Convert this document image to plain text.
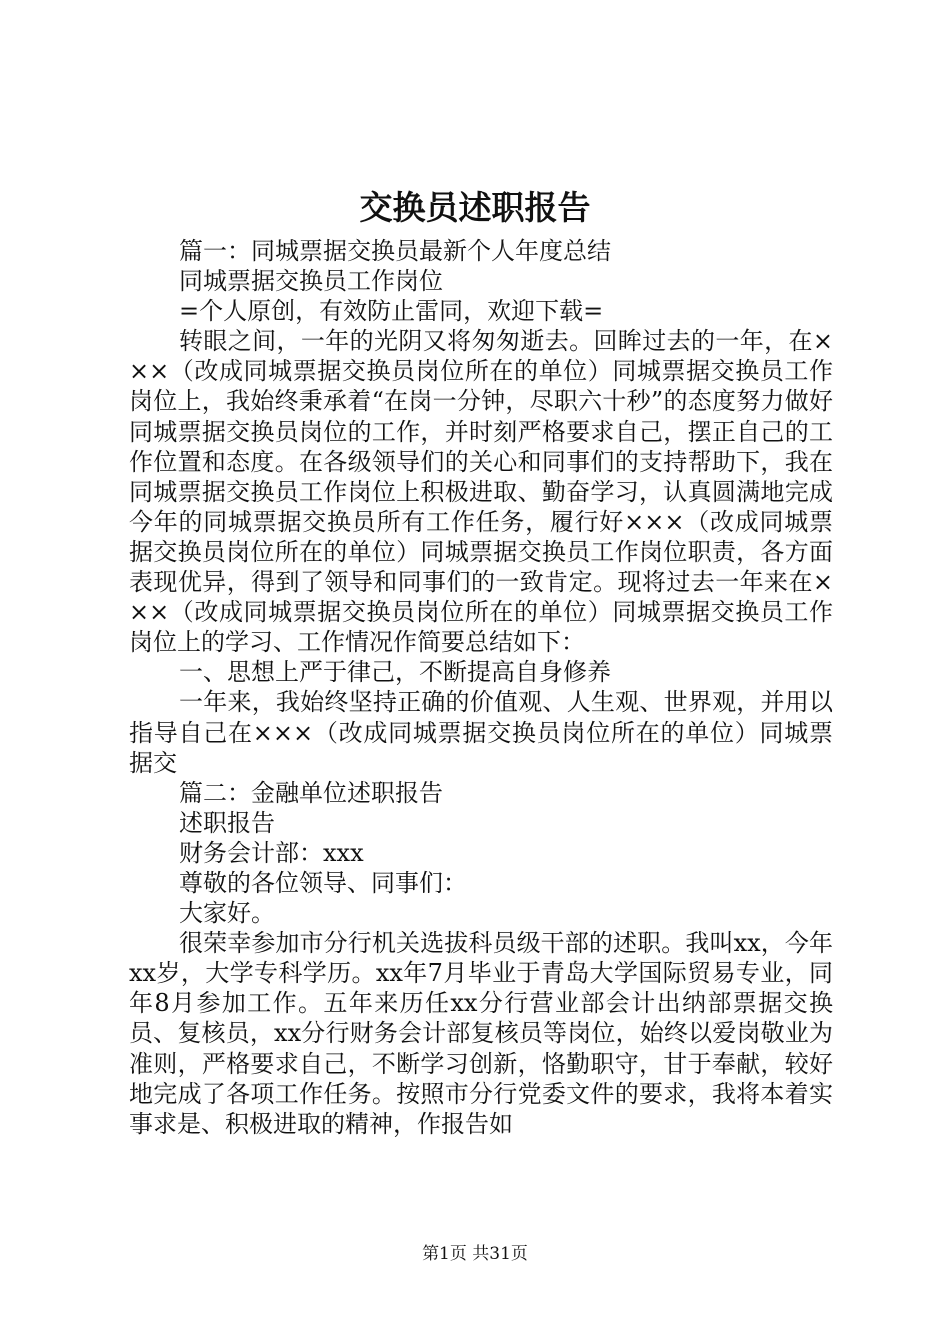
交换员述职报告

篇一：同城票据交换员最新个人年度总结

同城票据交换员工作岗位

=个人原创，有效防止雷同，欢迎下载=

转眼之间，一年的光阴又将匆匆逝去。回眸过去的一年，在×××（改成同城票据交换员岗位所在的单位）同城票据交换员工作岗位上，我始终秉承着“在岗一分钟，尽职六十秒”的态度努力做好同城票据交换员岗位的工作，并时刻严格要求自己，摆正自己的工作位置和态度。在各级领导们的关心和同事们的支持帮助下，我在同城票据交换员工作岗位上积极进取、勤奋学习，认真圆满地完成今年的同城票据交换员所有工作任务，履行好×××（改成同城票据交换员岗位所在的单位）同城票据交换员工作岗位职责，各方面表现优异，得到了领导和同事们的一致肯定。现将过去一年来在×××（改成同城票据交换员岗位所在的单位）同城票据交换员工作岗位上的学习、工作情况作简要总结如下：

一、思想上严于律己，不断提高自身修养

一年来，我始终坚持正确的价值观、人生观、世界观，并用以指导自己在×××（改成同城票据交换员岗位所在的单位）同城票据交

篇二：金融单位述职报告

述职报告

财务会计部：xxx

尊敬的各位领导、同事们：

大家好。

很荣幸参加市分行机关选拔科员级干部的述职。我叫xx，今年xx岁，大学专科学历。xx年7月毕业于青岛大学国际贸易专业，同年8月参加工作。五年来历任xx分行营业部会计出纳部票据交换员、复核员，xx分行财务会计部复核员等岗位，始终以爱岗敬业为准则，严格要求自己，不断学习创新，恪勤职守，甘于奉献，较好地完成了各项工作任务。按照市分行党委文件的要求，我将本着实事求是、积极进取的精神，作报告如

第1页 共31页
